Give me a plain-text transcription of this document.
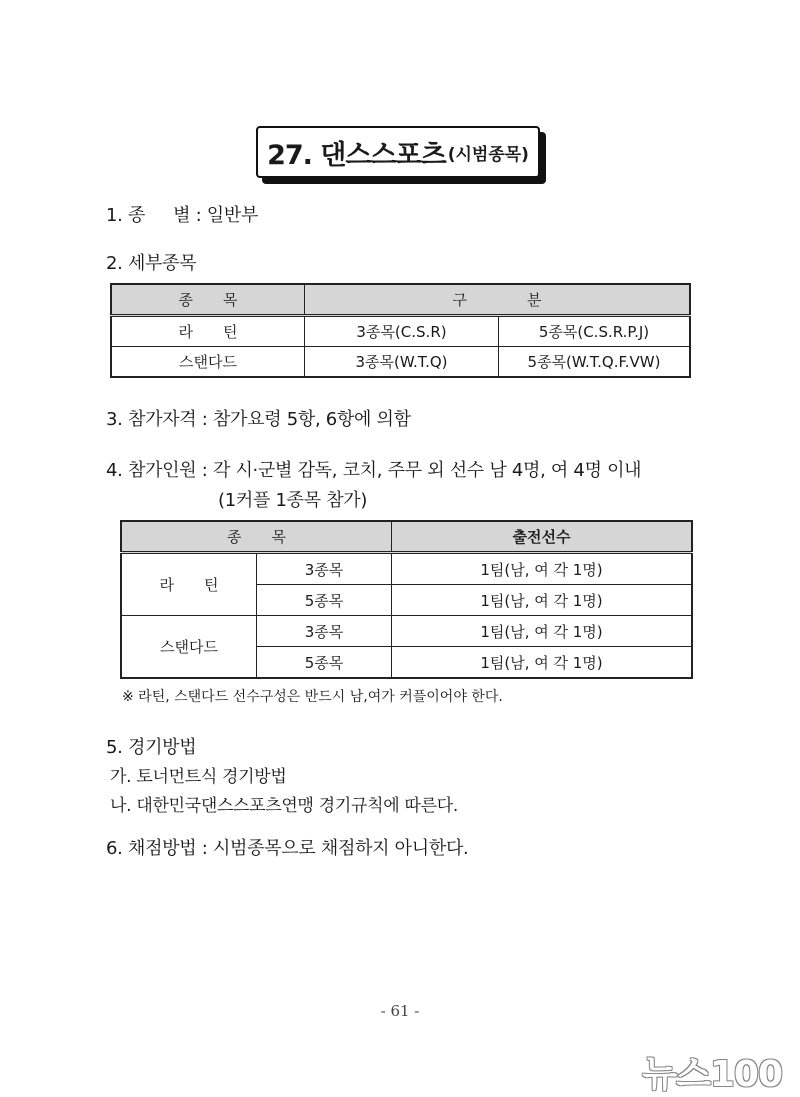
27. 댄스스포츠 (시범종목)
1. 종 별 : 일반부
2. 세부종목
종　　목	구　　　　분	
라　　틴	3종목(C.S.R)	5종목(C.S.R.P.J)
스탠다드	3종목(W.T.Q)	5종목(W.T.Q.F.VW)
3. 참가자격 : 참가요령 5항, 6항에 의함
4. 참가인원 : 각 시·군별 감독, 코치, 주무 외 선수 남 4명, 여 4명 이내
(1커플 1종목 참가)
종　　목		출전선수
라　　틴	3종목	1팀(남, 여 각 1명)
	5종목	1팀(남, 여 각 1명)
스탠다드	3종목	1팀(남, 여 각 1명)
	5종목	1팀(남, 여 각 1명)
※ 라틴, 스탠다드 선수구성은 반드시 남,여가 커플이어야 한다.
5. 경기방법
가. 토너먼트식 경기방법
나. 대한민국댄스스포츠연맹 경기규칙에 따른다.
6. 채점방법 : 시범종목으로 채점하지 아니한다.
- 61 -
뉴스100
